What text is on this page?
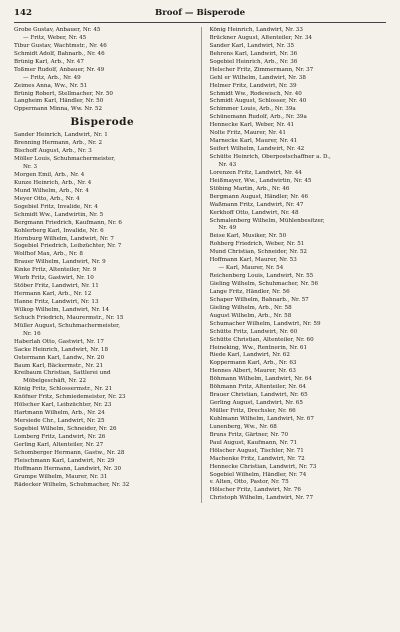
142	Broof — Bisperode
Grobe Gustav, Anbauer, Nr. 45
— Fritz, Weber, Nr. 45
Tibur Gustav, Wachtmstr., Nr. 46
Schmidt Adolf, Bahnarb., Nr. 46
Brünig Karl, Arb., Nr. 47
Toßmer Rudolf, Anbauer, Nr. 49
— Fritz, Arb., Nr. 49
Zeimes Anna, Ww., Nr. 51
Brünig Robert, Stellmacher, Nr. 50
Langheim Karl, Händler, Nr. 50
Oppermann Minna, Ww. Nr. 52
Bisperode
Sander Heinrich, Landwirt, Nr. 1
Brenning Hermann, Arb., Nr. 2
Bischoff August, Arb., Nr. 3
Möller Louis, Schuhmachermeister,
Nr. 3
Morgen Emil, Arb., Nr. 4
Kunze Heinrich, Arb., Nr. 4
Mund Wilhelm, Arb., Nr. 4
Meyer Otto, Arb., Nr. 4
Sogebiel Fritz, Invalide, Nr. 4
Schmidt Ww., Landwirtin, Nr. 5
Bergmann Friedrich, Kaufmann, Nr. 6
Kohlerberg Karl, Invalide, Nr. 6
Hornburg Wilhelm, Landwirt, Nr. 7
Sogebiel Friedrich, Leibzüchter, Nr. 7
Wolfhof Max, Arb., Nr. 8
Brauer Wilhelm, Landwirt, Nr. 9
Kinke Fritz, Altenteiler, Nr. 9
Wurb Fritz, Gastwirt, Nr. 10
Stöber Fritz, Landwirt, Nr. 11
Hermann Karl, Arb., Nr. 12
Hanne Fritz, Landwirt, Nr. 13
Wilkop Wilhelm, Landwirt, Nr. 14
Schuch Friedrich, Maurermstr., Nr. 15
Müller August, Schuhmachermeister,
Nr. 16
Haberlah Otto, Gastwirt, Nr. 17
Sacke Heinrich, Landwirt, Nr. 18
Ostermann Karl, Landw., Nr. 20
Baum Karl, Bäckermstr., Nr. 21
Kreibaum Christian, Sattlerei und
Möbelgeschäft, Nr. 22
König Fritz, Schlossermstr., Nr. 21
Knöfner Fritz, Schmiedemeister, Nr. 23
Hölscher Karl, Leibzüchter, Nr. 23
Hartmann Wilhelm, Arb., Nr. 24
Mersiede Chr., Landwirt, Nr. 25
Sogebiel Wilhelm, Schneider, Nr. 26
Lomberg Fritz, Landwirt, Nr. 26
Gerling Karl, Altenteiler, Nr. 27
Schomberger Hermann, Gastw., Nr. 28
Fleischmann Karl, Landwirt, Nr. 29
Hoffmann Hermann, Landwirt, Nr. 30
Grumpe Wilhelm, Maurer, Nr. 31
Rädecker Wilhelm, Schuhmacher, Nr. 32
König Heinrich, Landwirt, Nr. 33
Brückner August, Altenteiler, Nr. 34
Sander Karl, Landwirt, Nr. 35
Behrens Karl, Landwirt, Nr. 36
Sogebiel Heinrich, Arb., Nr. 36
Helscher Fritz, Zimmermann, Nr. 37
Gehl er Wilhelm, Landwirt, Nr. 38
Helmer Fritz, Landwirt, Nr. 39
Schmidt Ww., Rodewisch, Nr. 40
Schmidt August, Schlosser, Nr. 40
Schimmer Louis, Arb., Nr. 39a
Schünemann Rudolf, Arb., Nr. 39a
Hennecke Karl, Weber, Nr. 41
Nolte Fritz, Maurer, Nr. 41
Marnecke Karl, Maurer, Nr. 41
Seifert Wilhelm, Landwirt, Nr. 42
Schütte Heinrich, Oberpostschaffner a. D.,
Nr. 43
Lorenzen Fritz, Landwirt, Nr. 44
Heißmayer, Ww., Landwirtin, Nr. 45
Stöbing Martin, Arb., Nr. 46
Bergmann August, Händler, Nr. 46
Waßmann Fritz, Landwirt, Nr. 47
Kerkhoff Otto, Landwirt, Nr. 48
Schmalenberg Wilhelm, Mühlenbesitzer,
Nr. 49
Beise Karl, Musiker, Nr. 50
Rohberg Friedrich, Weber, Nr. 51
Mund Christian, Schneider, Nr. 52
Hoffmann Karl, Maurer, Nr. 53
— Karl, Maurer, Nr. 54
Reichenberg Louis, Landwirt, Nr. 55
Gieling Wilhelm, Schuhmacher, Nr. 56
Lange Fritz, Händler, Nr. 56
Schaper Wilhelm, Bahnarb., Nr. 57
Gieling Wilhelm, Arb., Nr. 58
August Wilhelm, Arb., Nr. 58
Schumacher Wilhelm, Landwirt, Nr. 59
Schütte Fritz, Landwirt, Nr. 60
Schütte Christian, Altenteiler, Nr. 60
Heineking, Ww., Rentnerin, Nr. 61
Riede Karl, Landwirt, Nr. 62
Koppermann Karl, Arb., Nr. 63
Hennes Albert, Maurer, Nr. 63
Böhmann Wilhelm, Landwirt, Nr. 64
Böhmann Fritz, Altenteiler, Nr. 64
Brauer Christian, Landwirt, Nr. 65
Gerling August, Landwirt, Nr. 65
Müller Fritz, Drechsler, Nr. 66
Kuhlmann Wilhelm, Landwirt, Nr. 67
Lunenberg, Ww., Nr. 68
Bruns Fritz, Gärtner, Nr. 70
Paul August, Kaufmann, Nr. 71
Hölscher August, Tischler, Nr. 71
Machenke Fritz, Landwirt, Nr. 72
Hennecke Christian, Landwirt, Nr. 73
Sogebiel Wilhelm, Händler, Nr. 74
v. Alten, Otto, Pastor, Nr. 75
Hölscher Fritz, Landwirt, Nr. 76
Christoph Wilhelm, Landwirt, Nr. 77
